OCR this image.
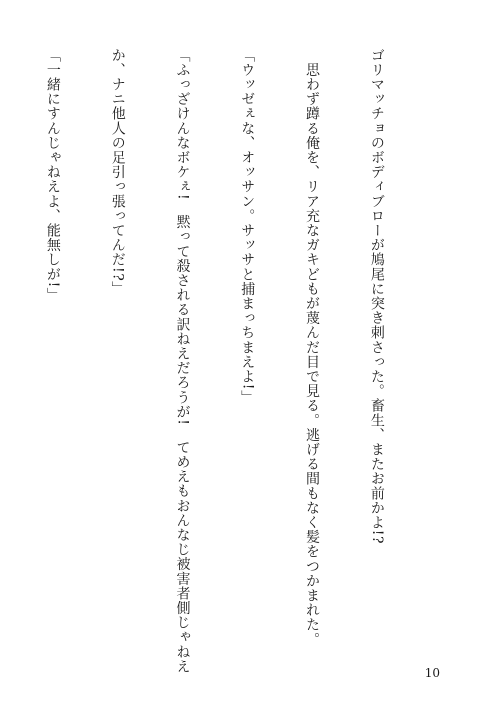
ゴリマッチョのボディブローが鳩尾に突き刺さった。畜生、またお前かよ!?

　思わず蹲る俺を、リア充なガキどもが蔑んだ目で見る。逃げる間もなく髪をつかまれた。

「ウッゼぇな、オッサン。サッサと捕まっちまえよ!」

「ふっざけんなボケぇ!　黙って殺される訳ねえだろうが!　てめえもおんなじ被害者側じゃねえ

か、ナニ他人の足引っ張ってんだ!?」

「一緒にすんじゃねえよ、能無しが!」

10
